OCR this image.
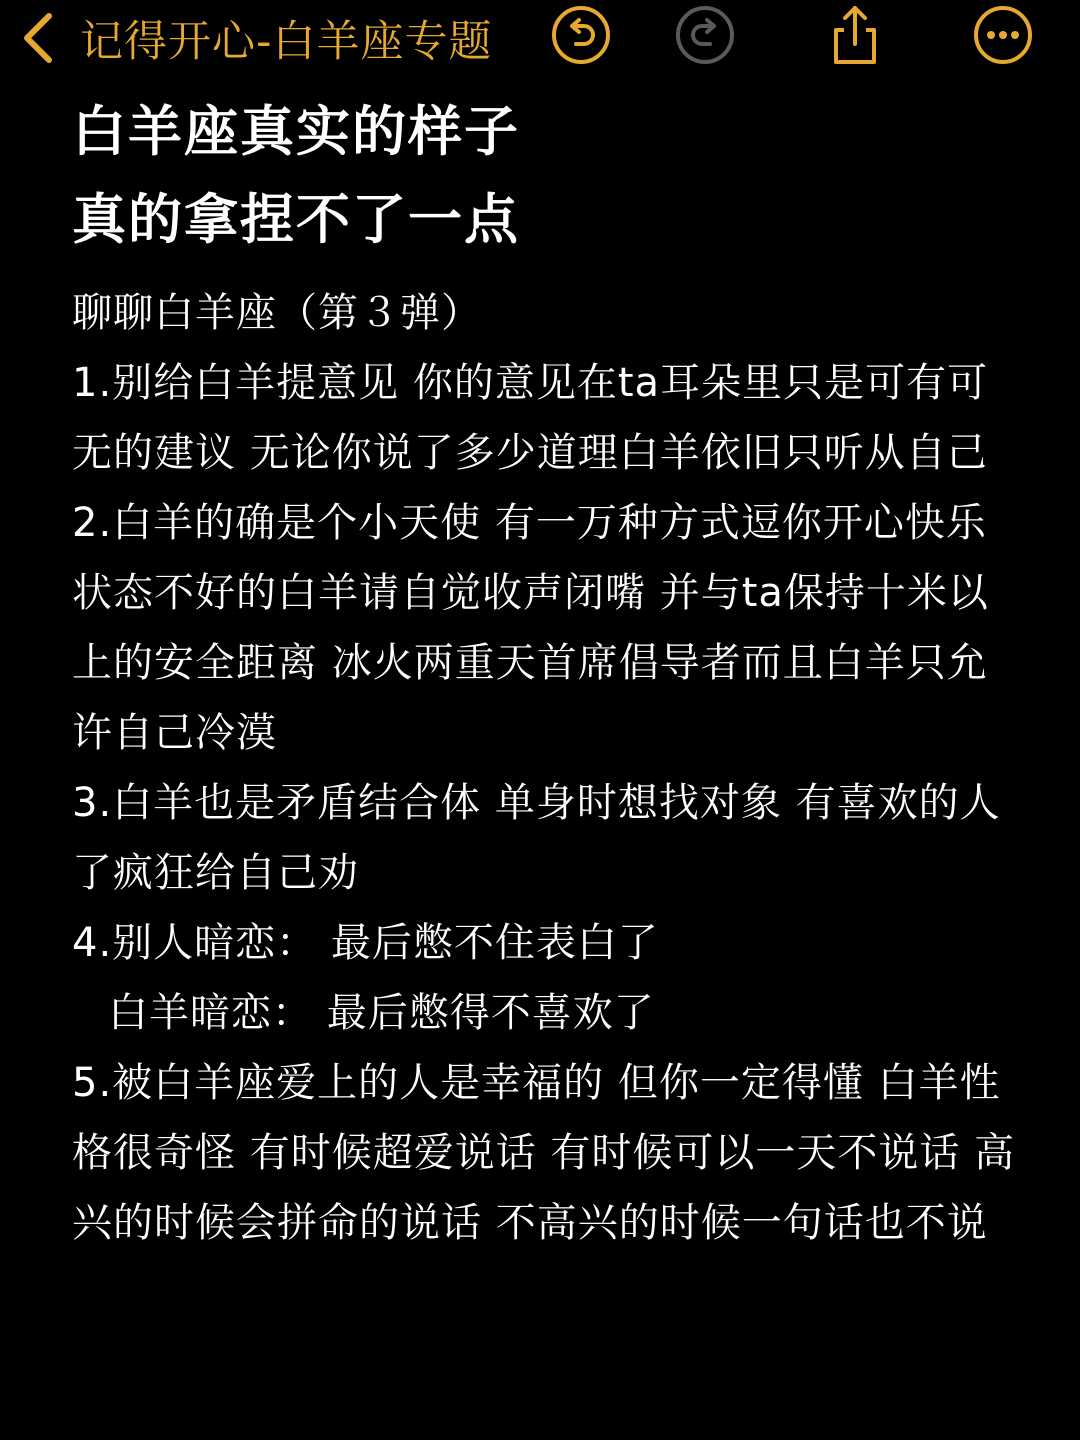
记得开心-白羊座专题
白羊座真实的样子
真的拿捏不了一点

聊聊白羊座（第３弹）

1.别给白羊提意见 你的意见在ta耳朵里只是可有可无的建议 无论你说了多少道理白羊依旧只听从自己

2.白羊的确是个小天使 有一万种方式逗你开心快乐 状态不好的白羊请自觉收声闭嘴 并与ta保持十米以上的安全距离 冰火两重天首席倡导者而且白羊只允许自己冷漠

3.白羊也是矛盾结合体 单身时想找对象 有喜欢的人了疯狂给自己劝

4.别人暗恋： 最后憋不住表白了

白羊暗恋： 最后憋得不喜欢了

5.被白羊座爱上的人是幸福的 但你一定得懂 白羊性格很奇怪 有时候超爱说话 有时候可以一天不说话 高兴的时候会拼命的说话 不高兴的时候一句话也不说
